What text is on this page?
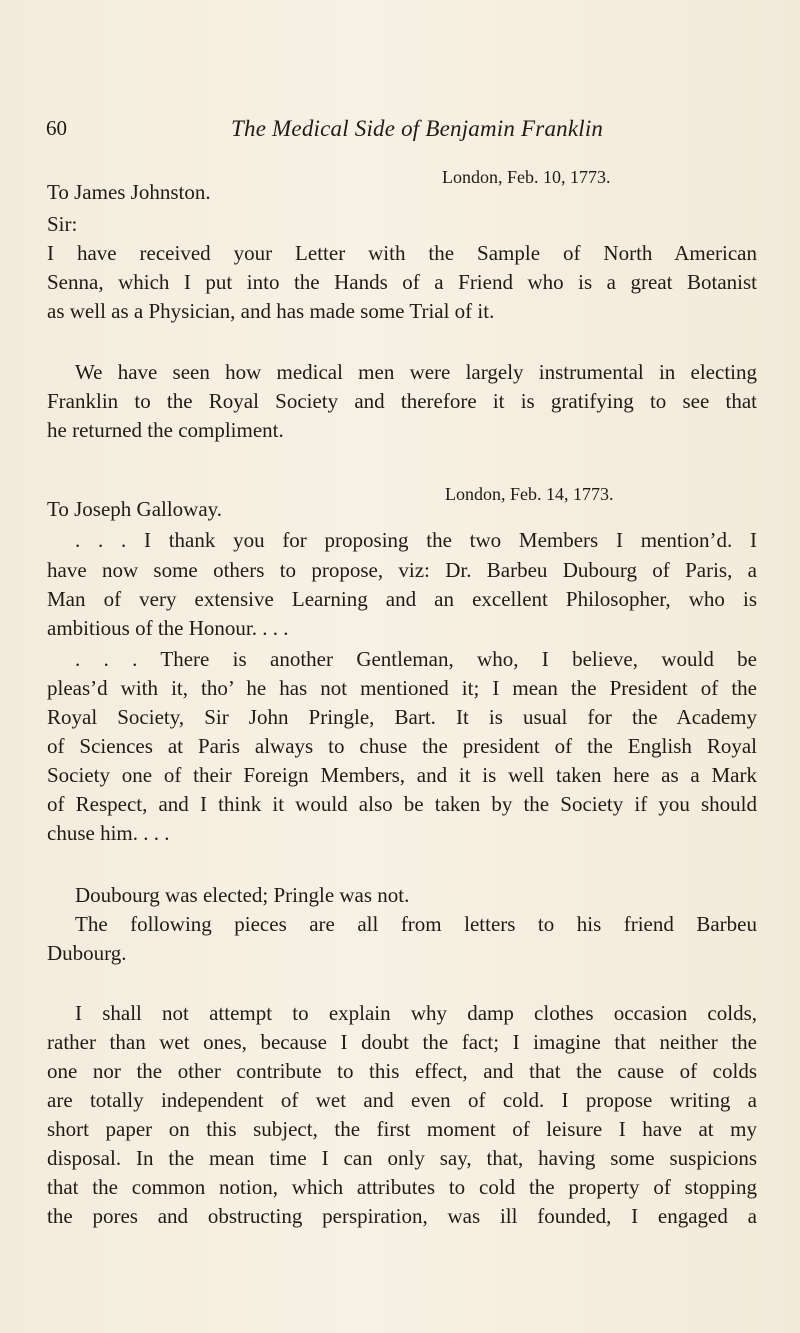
60	The Medical Side of Benjamin Franklin
London, Feb. 10, 1773.
To James Johnston.
Sir:
I have received your Letter with the Sample of North American
Senna, which I put into the Hands of a Friend who is a great Botanist
as well as a Physician, and has made some Trial of it.
We have seen how medical men were largely instrumental in electing
Franklin to the Royal Society and therefore it is gratifying to see that
he returned the compliment.
London, Feb. 14, 1773.
To Joseph Galloway.
. . . I thank you for proposing the two Members I mention’d. I
have now some others to propose, viz: Dr. Barbeu Dubourg of Paris, a
Man of very extensive Learning and an excellent Philosopher, who is
ambitious of the Honour. . . .
. . . There is another Gentleman, who, I believe, would be
pleas’d with it, tho’ he has not mentioned it; I mean the President of the
Royal Society, Sir John Pringle, Bart. It is usual for the Academy
of Sciences at Paris always to chuse the president of the English Royal
Society one of their Foreign Members, and it is well taken here as a Mark
of Respect, and I think it would also be taken by the Society if you should
chuse him. . . .
Doubourg was elected; Pringle was not.
The following pieces are all from letters to his friend Barbeu
Dubourg.
I shall not attempt to explain why damp clothes occasion colds,
rather than wet ones, because I doubt the fact; I imagine that neither the
one nor the other contribute to this effect, and that the cause of colds
are totally independent of wet and even of cold. I propose writing a
short paper on this subject, the first moment of leisure I have at my
disposal. In the mean time I can only say, that, having some suspicions
that the common notion, which attributes to cold the property of stopping
the pores and obstructing perspiration, was ill founded, I engaged a
